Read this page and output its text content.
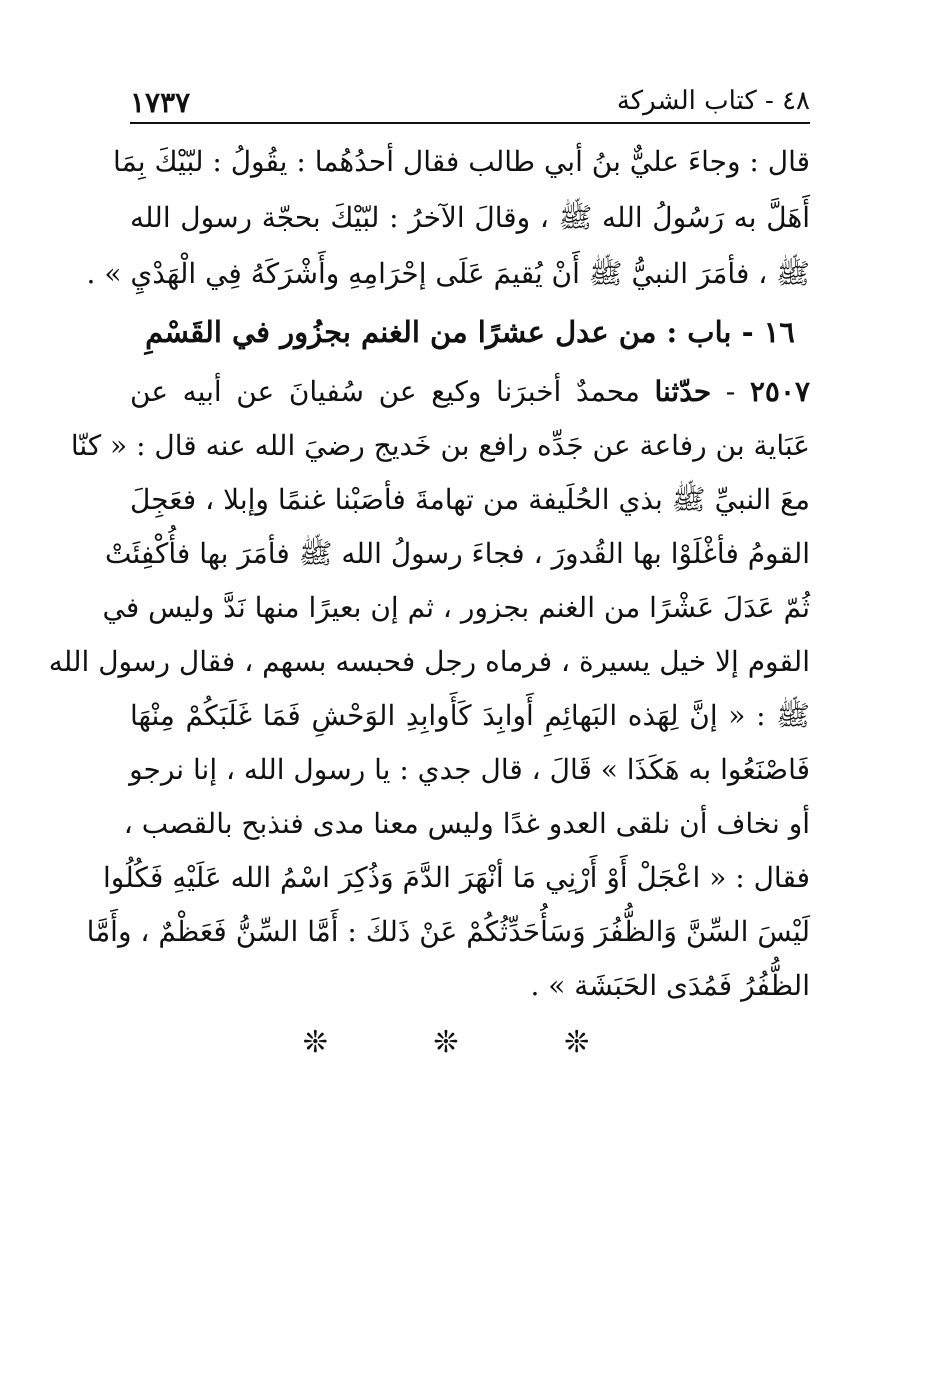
٤٨ - كتاب الشركة
١٧٣٧
قال : وجاءَ عليٌّ بنُ أبي طالب فقال أحدُهُما : يقُولُ : لبّيْكَ بِمَا
أَهَلَّ به رَسُولُ الله ﷺ ، وقالَ الآخرُ : لبّيْكَ بحجّة رسول الله
ﷺ ، فأمَرَ النبيُّ ﷺ أَنْ يُقيمَ عَلَى إحْرَامِهِ وأَشْرَكَهُ فِي الْهَدْيِ » .
١٦ - باب : من عدل عشرًا من الغنم بجزُور في القَسْمِ
٢٥٠٧ - حدّثنا محمدٌ أخبرَنا وكيع عن سُفيانَ عن أبيه عن
عَبَاية بن رفاعة عن جَدِّه رافع بن خَديج رضيَ الله عنه قال : « كنّا
معَ النبيِّ ﷺ بذي الحُلَيفة من تهامةَ فأصَبْنا غنمًا وإبلا ، فعَجِلَ
القومُ فأغْلَوْا بها القُدورَ ، فجاءَ رسولُ الله ﷺ فأمَرَ بها فأُكْفِئَتْ
ثُمّ عَدَلَ عَشْرًا من الغنم بجزور ، ثم إن بعيرًا منها نَدَّ وليس في
القوم إلا خيل يسيرة ، فرماه رجل فحبسه بسهم ، فقال رسول الله
ﷺ : « إنَّ لِهَذه البَهائِمِ أَوابِدَ كَأَوابِدِ الوَحْشِ فَمَا غَلَبَكُمْ مِنْهَا
فَاصْنَعُوا به هَكَذَا » قَالَ ، قال جدي : يا رسول الله ، إنا نرجو
أو نخاف أن نلقى العدو غدًا وليس معنا مدى فنذبح بالقصب ،
فقال : « اعْجَلْ أَوْ أَرْنِي مَا أنْهَرَ الدَّمَ وَذُكِرَ اسْمُ الله عَلَيْهِ فَكُلُوا
لَيْسَ السِّنَّ وَالظُّفُرَ وَسَأُحَدِّثُكُمْ عَنْ ذَلكَ : أَمَّا السِّنُّ فَعَظْمٌ ، وأَمَّا
الظُّفُرُ فَمُدَى الحَبَشَة » .
❊ ❊ ❊
